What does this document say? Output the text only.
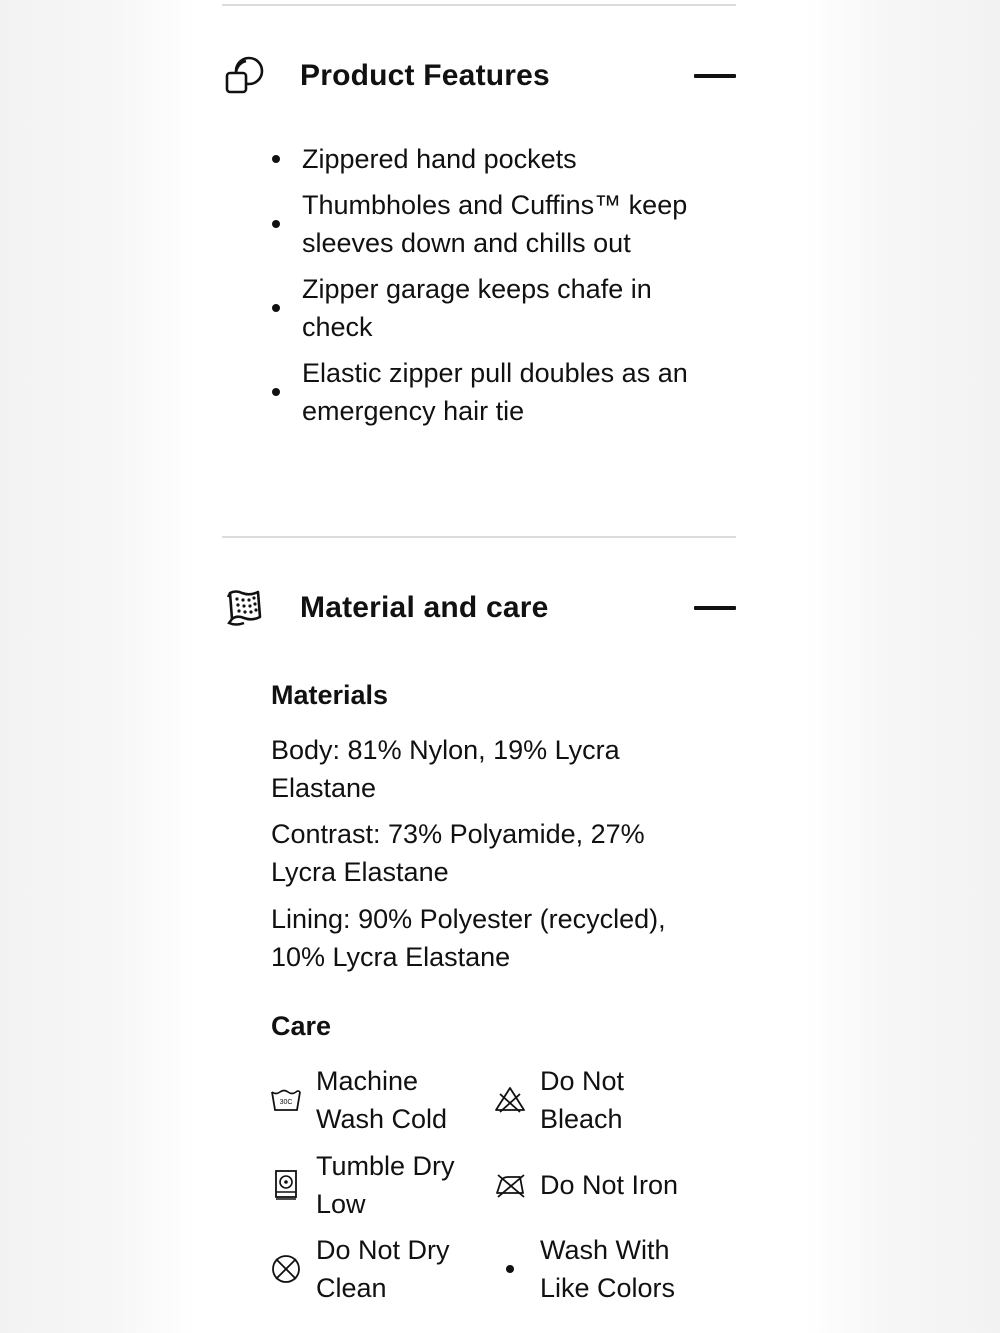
Product Features
Zippered hand pockets
Thumbholes and Cuffins™ keep sleeves down and chills out
Zipper garage keeps chafe in check
Elastic zipper pull doubles as an emergency hair tie
Material and care
Materials
Body: 81% Nylon, 19% Lycra Elastane
Contrast: 73% Polyamide, 27% Lycra Elastane
Lining: 90% Polyester (recycled), 10% Lycra Elastane
Care
30C
Machine Wash Cold
Do Not Bleach
Tumble Dry Low
Do Not Iron
Do Not Dry Clean
Wash With Like Colors
